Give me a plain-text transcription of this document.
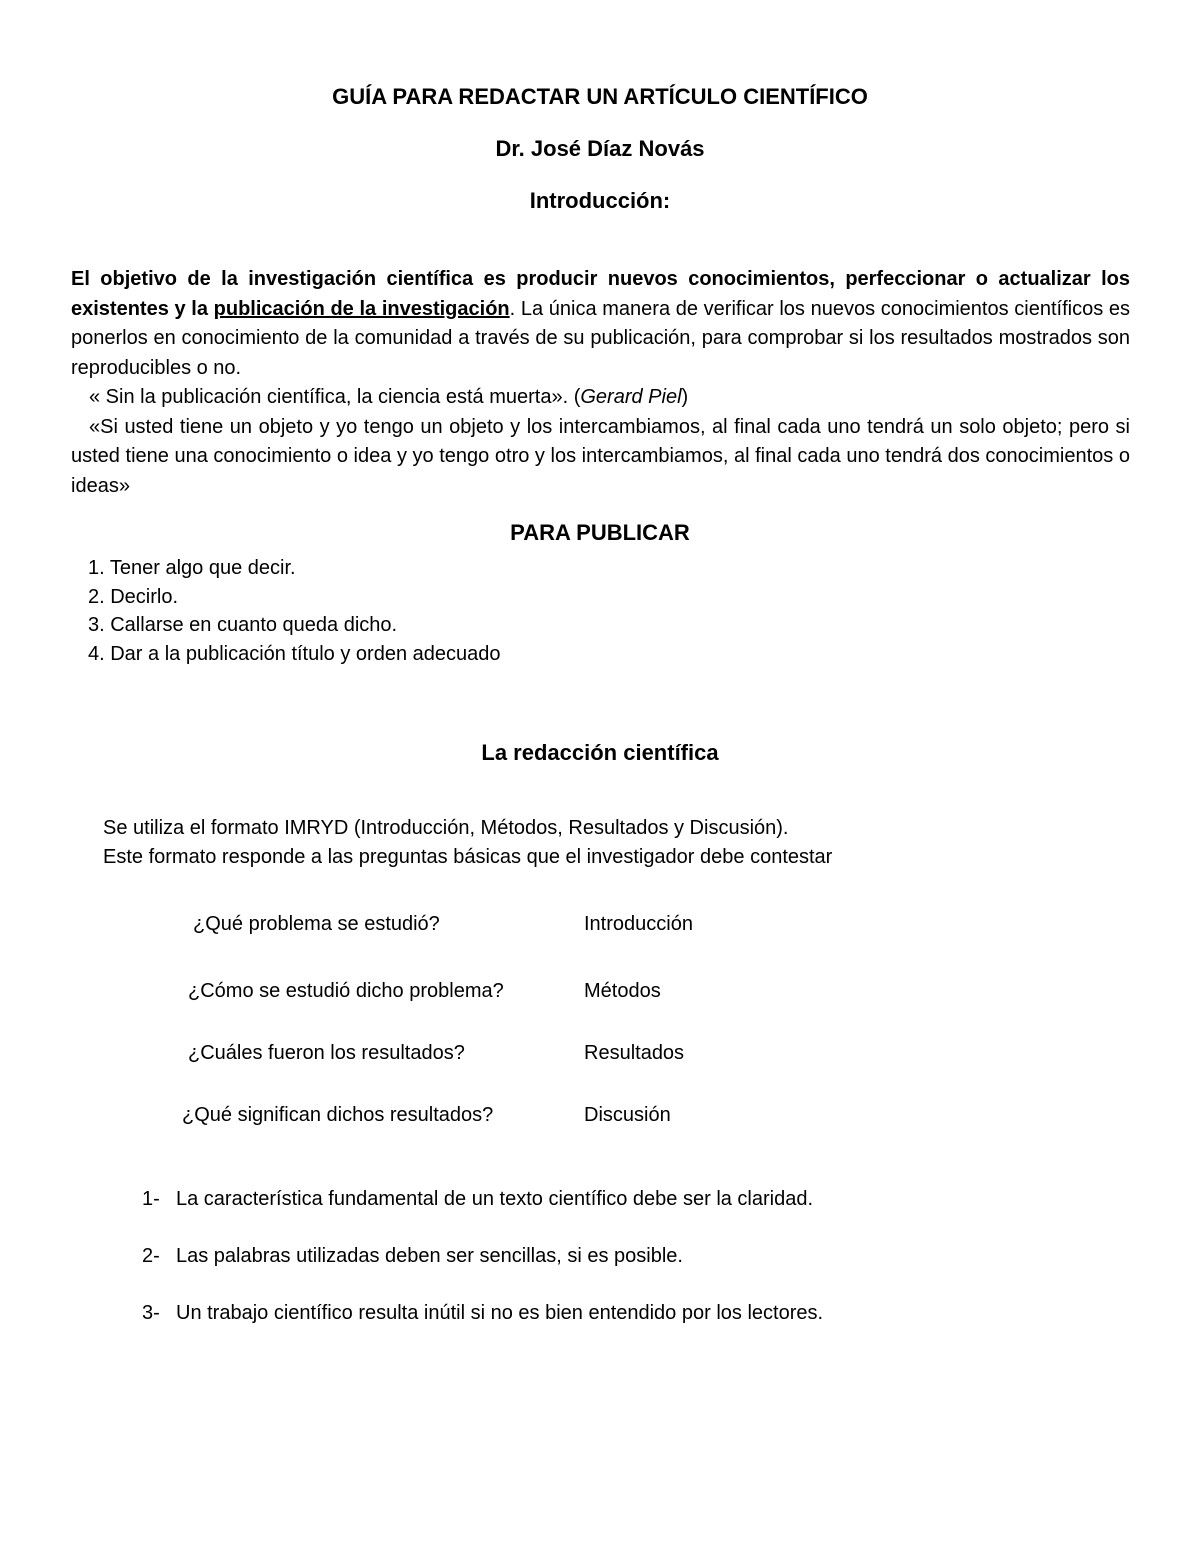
GUÍA PARA REDACTAR UN ARTÍCULO CIENTÍFICO
Dr. José Díaz Novás
Introducción:

El objetivo de la investigación científica es producir nuevos conocimientos, perfeccionar o actualizar los existentes y la publicación de la investigación. La única manera de verificar los nuevos conocimientos científicos es ponerlos en conocimiento de la comunidad a través de su publicación, para comprobar si los resultados mostrados son reproducibles o no.

« Sin la publicación científica, la ciencia está muerta». (Gerard Piel)

«Si usted tiene un objeto y yo tengo un objeto y los intercambiamos, al final cada uno tendrá un solo objeto; pero si usted tiene una conocimiento o idea y yo tengo otro y los intercambiamos, al final cada uno tendrá dos conocimientos o ideas»

PARA PUBLICAR
1. Tener algo que decir.
2. Decirlo.
3. Callarse en cuanto queda dicho.
4. Dar a la publicación título y orden adecuado
La redacción científica
Se utiliza el formato IMRYD (Introducción, Métodos, Resultados y Discusión).
Este formato responde a las preguntas básicas que el investigador debe contestar
¿Qué problema se estudió?	Introducción
¿Cómo se estudió dicho problema?	Métodos
¿Cuáles fueron los resultados?	Resultados
¿Qué significan dichos resultados?	Discusión
1- La característica fundamental de un texto científico debe ser la claridad.
2- Las palabras utilizadas deben ser sencillas, si es posible.
3- Un trabajo científico resulta inútil si no es bien entendido por los lectores.
